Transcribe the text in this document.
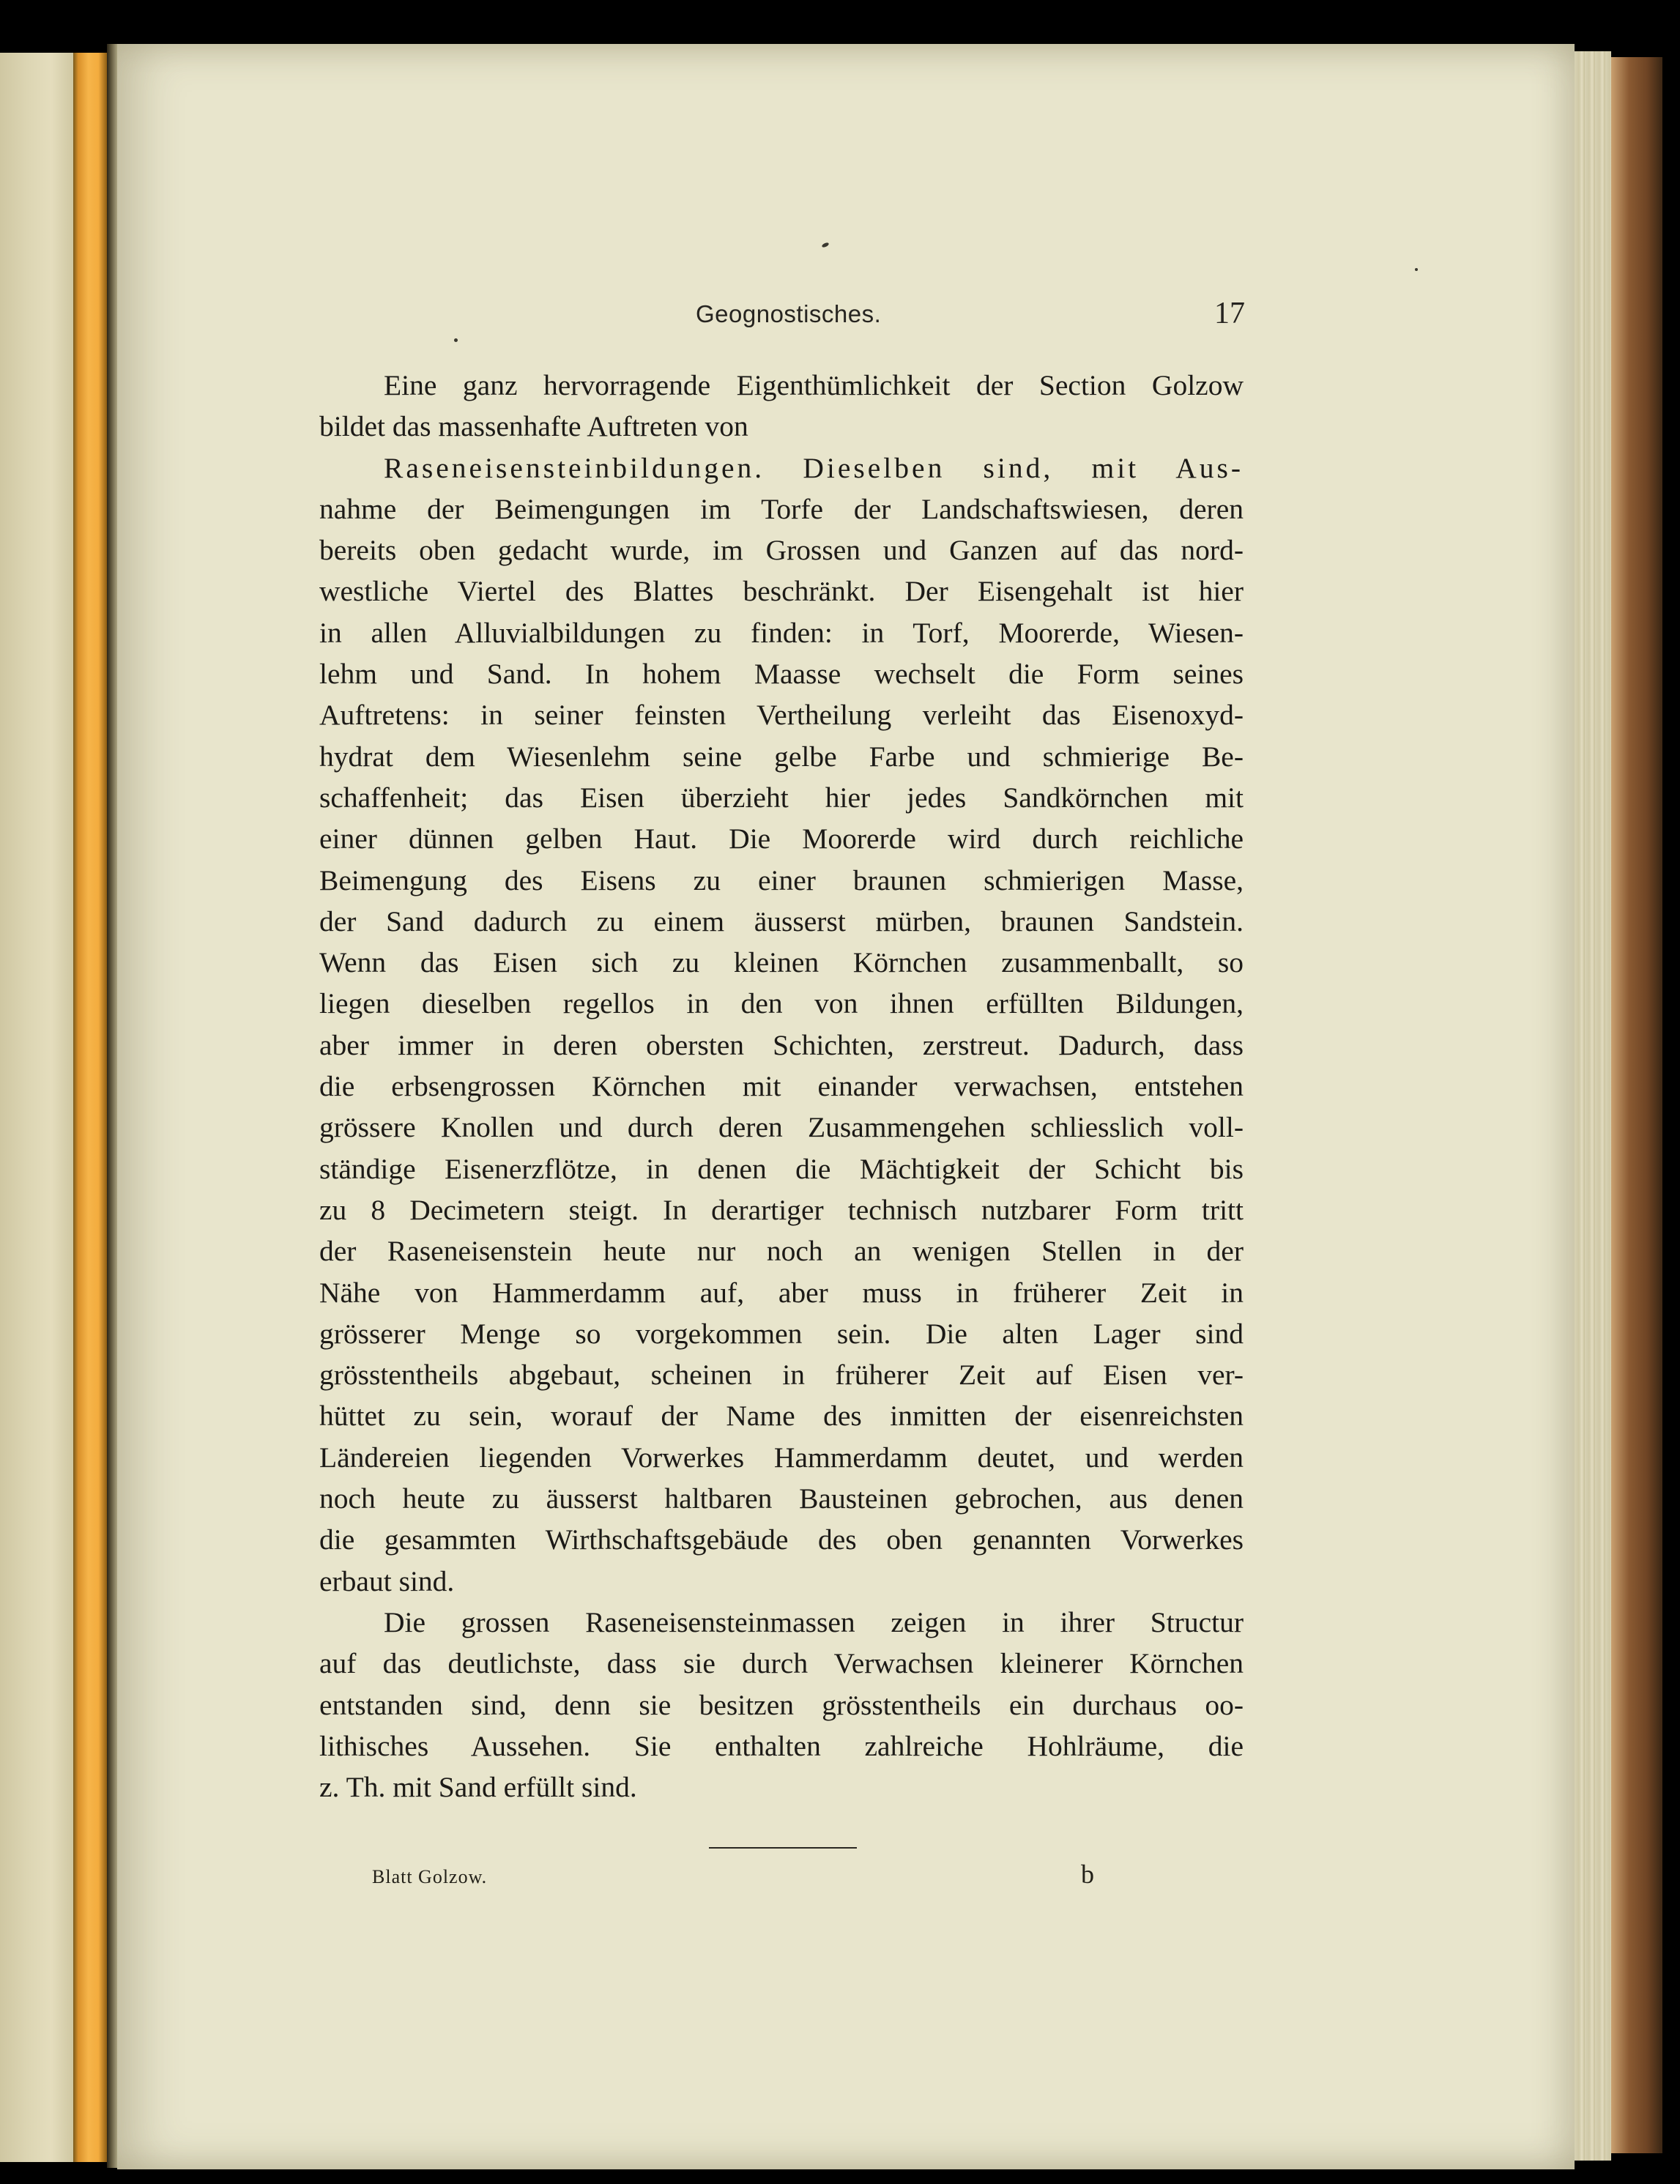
Geognostisches.	17
Eine ganz hervorragende Eigenthümlichkeit der Section Golzow
bildet das massenhafte Auftreten von
Raseneisensteinbildungen. Dieselben sind, mit Aus-
nahme der Beimengungen im Torfe der Landschaftswiesen, deren
bereits oben gedacht wurde, im Grossen und Ganzen auf das nord-
westliche Viertel des Blattes beschränkt. Der Eisengehalt ist hier
in allen Alluvialbildungen zu finden: in Torf, Moorerde, Wiesen-
lehm und Sand. In hohem Maasse wechselt die Form seines
Auftretens: in seiner feinsten Vertheilung verleiht das Eisenoxyd-
hydrat dem Wiesenlehm seine gelbe Farbe und schmierige Be-
schaffenheit; das Eisen überzieht hier jedes Sandkörnchen mit
einer dünnen gelben Haut. Die Moorerde wird durch reichliche
Beimengung des Eisens zu einer braunen schmierigen Masse,
der Sand dadurch zu einem äusserst mürben, braunen Sandstein.
Wenn das Eisen sich zu kleinen Körnchen zusammenballt, so
liegen dieselben regellos in den von ihnen erfüllten Bildungen,
aber immer in deren obersten Schichten, zerstreut. Dadurch, dass
die erbsengrossen Körnchen mit einander verwachsen, entstehen
grössere Knollen und durch deren Zusammengehen schliesslich voll-
ständige Eisenerzflötze, in denen die Mächtigkeit der Schicht bis
zu 8 Decimetern steigt. In derartiger technisch nutzbarer Form tritt
der Raseneisenstein heute nur noch an wenigen Stellen in der
Nähe von Hammerdamm auf, aber muss in früherer Zeit in
grösserer Menge so vorgekommen sein. Die alten Lager sind
grösstentheils abgebaut, scheinen in früherer Zeit auf Eisen ver-
hüttet zu sein, worauf der Name des inmitten der eisenreichsten
Ländereien liegenden Vorwerkes Hammerdamm deutet, und werden
noch heute zu äusserst haltbaren Bausteinen gebrochen, aus denen
die gesammten Wirthschaftsgebäude des oben genannten Vorwerkes
erbaut sind.
Die grossen Raseneisensteinmassen zeigen in ihrer Structur
auf das deutlichste, dass sie durch Verwachsen kleinerer Körnchen
entstanden sind, denn sie besitzen grösstentheils ein durchaus oo-
lithisches Aussehen. Sie enthalten zahlreiche Hohlräume, die
z. Th. mit Sand erfüllt sind.
Blatt Golzow.	b
